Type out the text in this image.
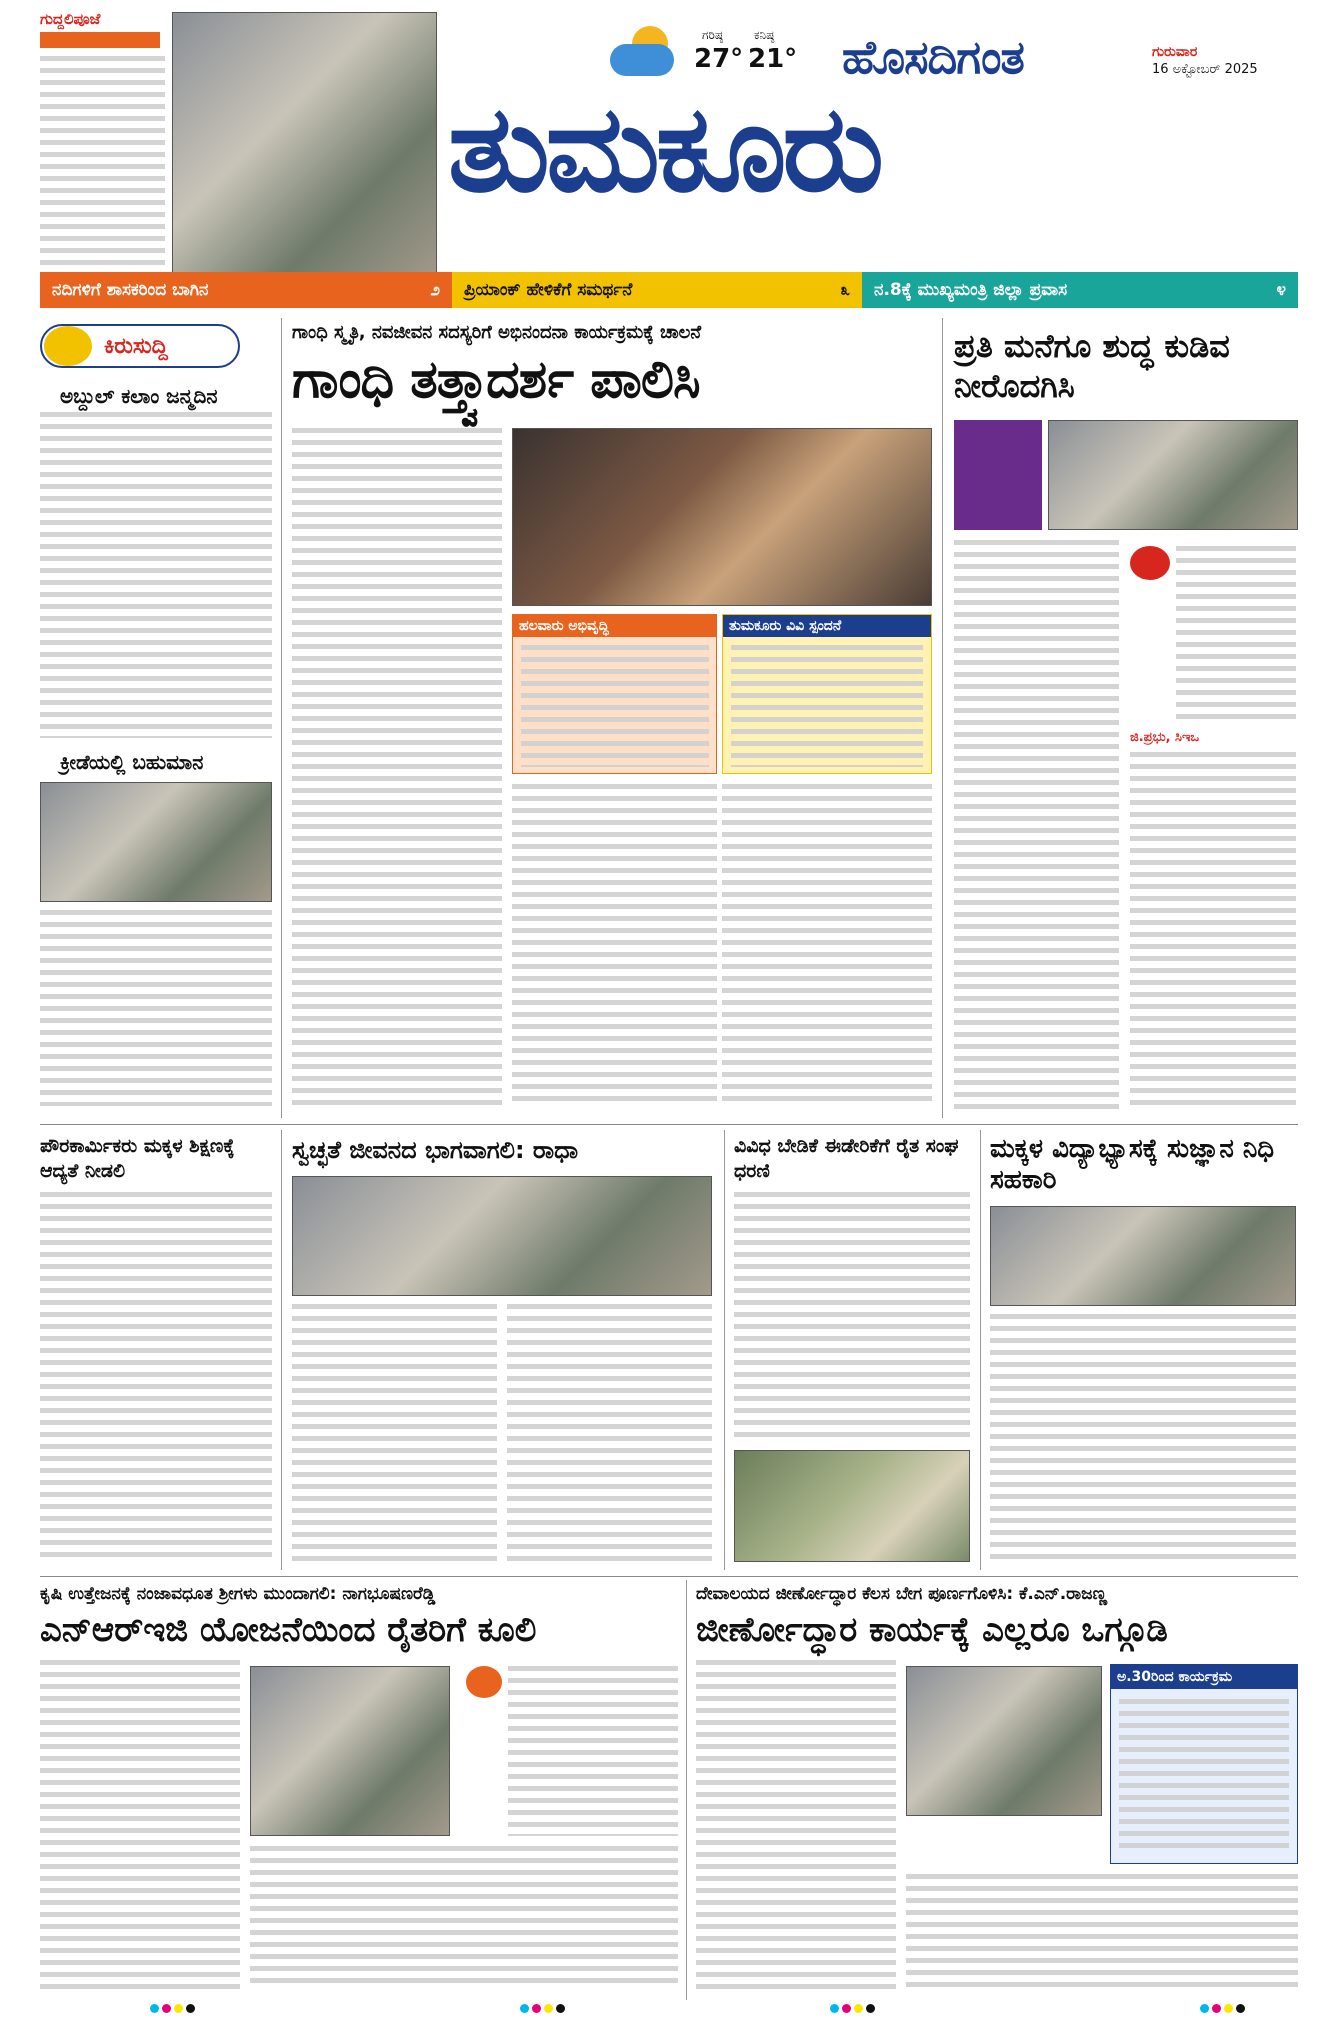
ಗುದ್ದಲಿಪೂಜೆ
ಗರಿಷ್ಠ
27°
ಕನಿಷ್ಠ
21° ಹೊಸದಿಗಂತ	ಗುರುವಾರ
16 ಅಕ್ಟೋಬರ್ 2025
ತುಮಕೂರು
ನದಿಗಳಿಗೆ ಶಾಸಕರಿಂದ ಬಾಗಿನ	೨ ಪ್ರಿಯಾಂಕ್ ಹೇಳಿಕೆಗೆ ಸಮರ್ಥನೆ	೩ ನ.8ಕ್ಕೆ ಮುಖ್ಯಮಂತ್ರಿ ಜಿಲ್ಲಾ ಪ್ರವಾಸ	೪
ಕಿರುಸುದ್ದಿ
ಅಬ್ದುಲ್ ಕಲಾಂ ಜನ್ಮದಿನ
ಕ್ರೀಡೆಯಲ್ಲಿ ಬಹುಮಾನ
ಗಾಂಧಿ ಸ್ಮೃತಿ, ನವಜೀವನ ಸದಸ್ಯರಿಗೆ ಅಭಿನಂದನಾ ಕಾರ್ಯಕ್ರಮಕ್ಕೆ ಚಾಲನೆ
ಗಾಂಧಿ ತತ್ತ್ವಾದರ್ಶ ಪಾಲಿಸಿ
ಹಲವಾರು ಅಭಿವೃದ್ಧಿ	ತುಮಕೂರು ವಿವಿ ಸ್ಪಂದನೆ
ಪ್ರತಿ ಮನೆಗೂ ಶುದ್ಧ ಕುಡಿವ ನೀರೊದಗಿಸಿ
ಜಿ.ಪ್ರಭು, ಸಿಇಒ
ಪೌರಕಾರ್ಮಿಕರು ಮಕ್ಕಳ ಶಿಕ್ಷಣಕ್ಕೆ ಆದ್ಯತೆ ನೀಡಲಿ
ಸ್ವಚ್ಛತೆ ಜೀವನದ ಭಾಗವಾಗಲಿ: ರಾಧಾ	ವಿವಿಧ ಬೇಡಿಕೆ ಈಡೇರಿಕೆಗೆ ರೈತ ಸಂಘ ಧರಣಿ
ಮಕ್ಕಳ ವಿದ್ಯಾಭ್ಯಾಸಕ್ಕೆ ಸುಜ್ಞಾನ ನಿಧಿ ಸಹಕಾರಿ
ಕೃಷಿ ಉತ್ತೇಜನಕ್ಕೆ ನಂಜಾವಧೂತ ಶ್ರೀಗಳು ಮುಂದಾಗಲಿ: ನಾಗಭೂಷಣರೆಡ್ಡಿ
ಎನ್‌ಆರ್‌ಇಜಿ ಯೋಜನೆಯಿಂದ ರೈತರಿಗೆ ಕೂಲಿ
ದೇವಾಲಯದ ಜೀರ್ಣೋದ್ಧಾರ ಕೆಲಸ ಬೇಗ ಪೂರ್ಣಗೊಳಿಸಿ: ಕೆ.ಎನ್.ರಾಜಣ್ಣ
ಜೀರ್ಣೋದ್ಧಾರ ಕಾರ್ಯಕ್ಕೆ ಎಲ್ಲರೂ ಒಗ್ಗೂಡಿ
ಅ.30ರಿಂದ ಕಾರ್ಯಕ್ರಮ
